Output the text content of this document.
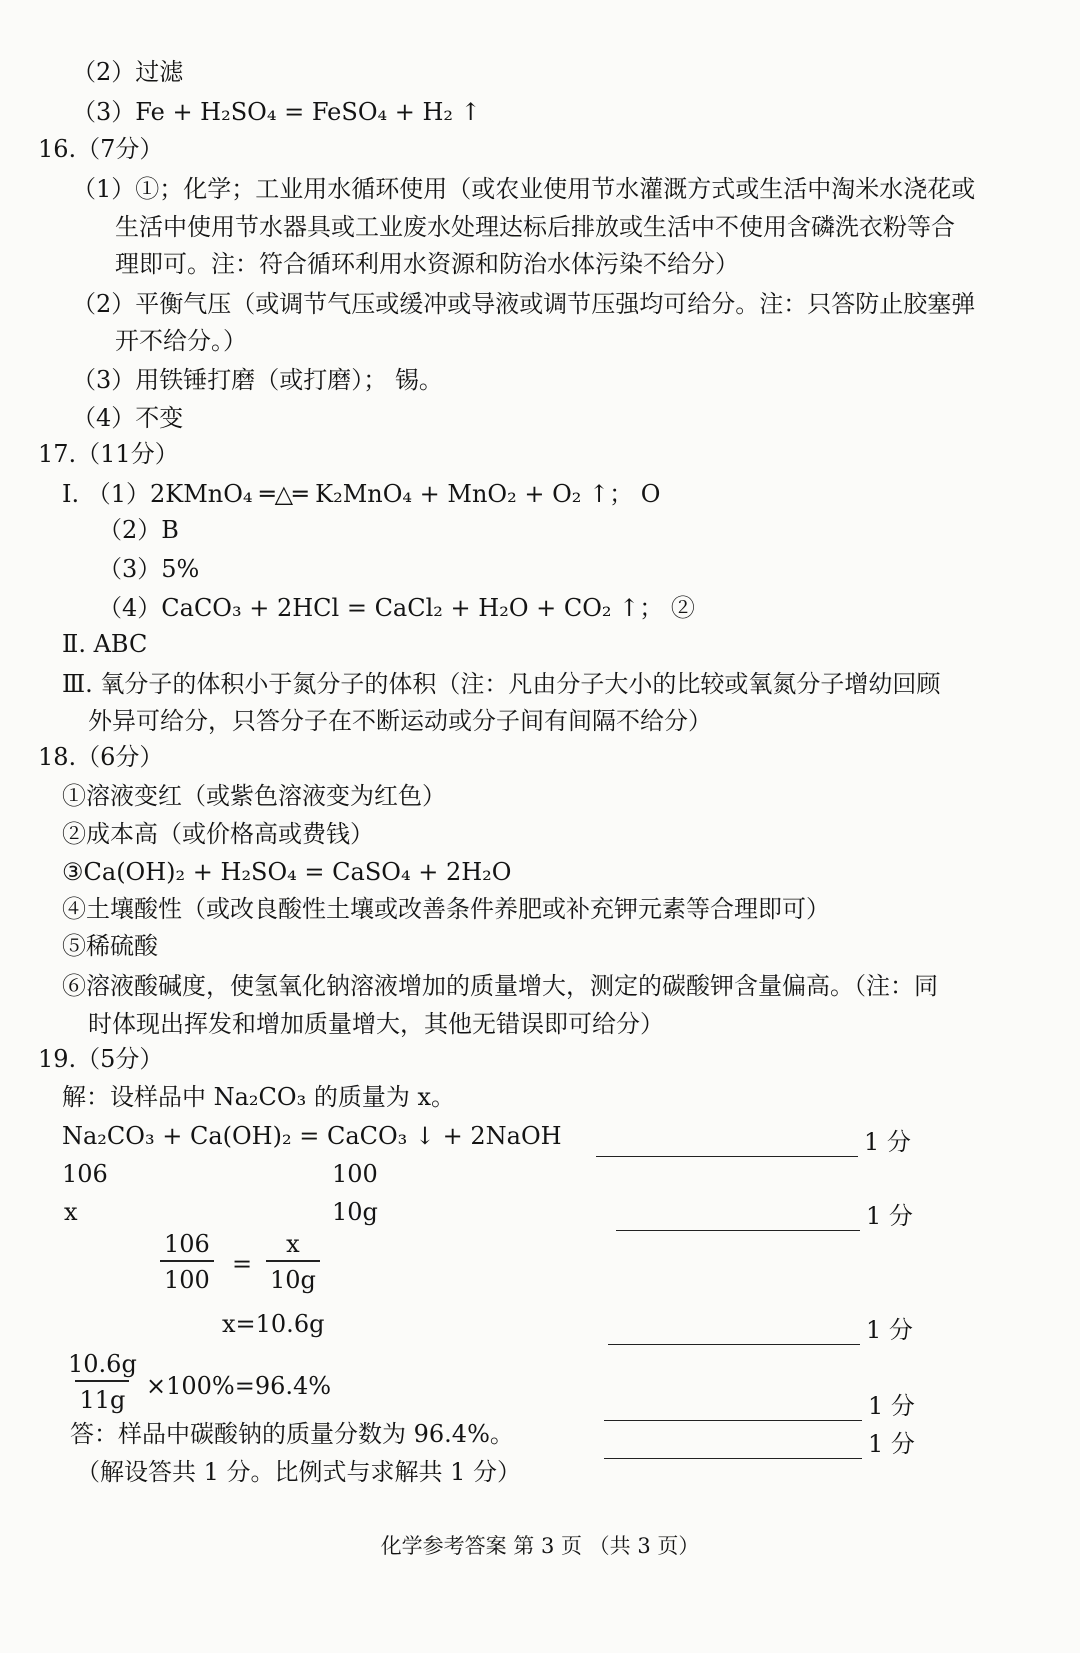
（2）过滤
（3）Fe + H₂SO₄ = FeSO₄ + H₂ ↑
16.（7分）
（1）①；化学；工业用水循环使用（或农业使用节水灌溉方式或生活中淘米水浇花或
生活中使用节水器具或工业废水处理达标后排放或生活中不使用含磷洗衣粉等合
理即可。注：符合循环利用水资源和防治水体污染不给分）
（2）平衡气压（或调节气压或缓冲或导液或调节压强均可给分。注：只答防止胶塞弹
开不给分。）
（3）用铁锤打磨（或打磨）； 锡。
（4）不变
17.（11分）
Ⅰ. （1）2KMnO₄ ═△═ K₂MnO₄ + MnO₂ + O₂ ↑； O
（2）B
（3）5%
（4）CaCO₃ + 2HCl = CaCl₂ + H₂O + CO₂ ↑； ②
Ⅱ. ABC
Ⅲ. 氧分子的体积小于氮分子的体积（注：凡由分子大小的比较或氧氮分子增幼回顾
外异可给分，只答分子在不断运动或分子间有间隔不给分）
18.（6分）
①溶液变红（或紫色溶液变为红色）
②成本高（或价格高或费钱）
③Ca(OH)₂ + H₂SO₄ = CaSO₄ + 2H₂O
④土壤酸性（或改良酸性土壤或改善条件养肥或补充钾元素等合理即可）
⑤稀硫酸
⑥溶液酸碱度，使氢氧化钠溶液增加的质量增大，测定的碳酸钾含量偏高。（注：同
时体现出挥发和增加质量增大，其他无错误即可给分）
19.（5分）
解：设样品中 Na₂CO₃ 的质量为 x。
Na₂CO₃ + Ca(OH)₂ = CaCO₃ ↓ + 2NaOH
106	100
x	10g
$\frac{106}{100} = \frac{x}{10g}$
x=10.6g
$\frac{10.6g}{11g} \times 100\%=96.4\%$
答：样品中碳酸钠的质量分数为 96.4%。
（解设答共 1 分。比例式与求解共 1 分）
1 分
1 分
1 分
1 分
1 分
化学参考答案 第 3 页 （共 3 页）
